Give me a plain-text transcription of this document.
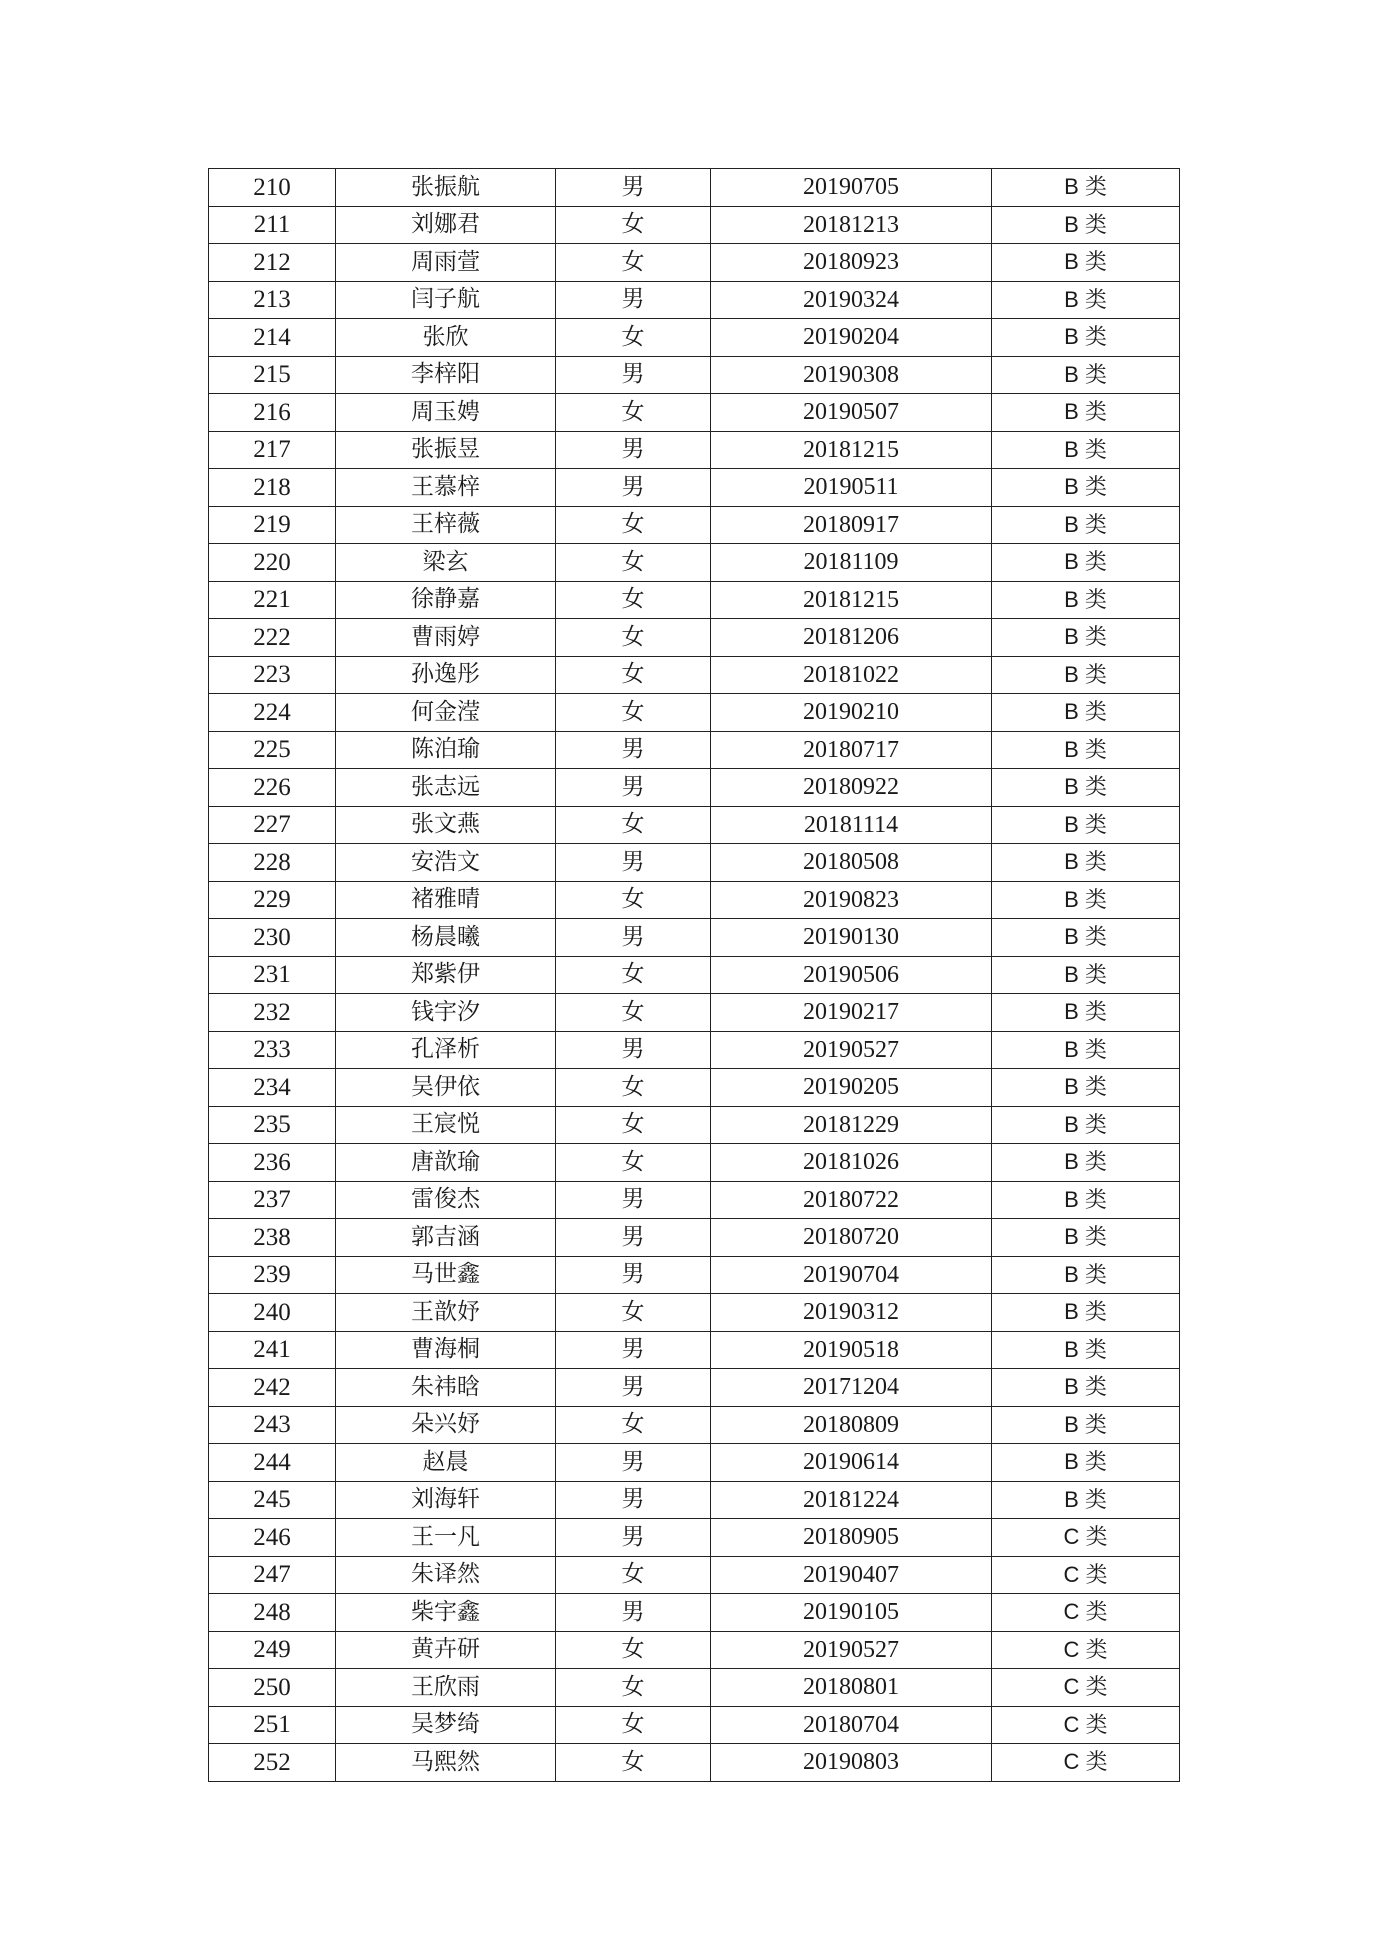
210	张振航	男	20190705	B 类
211	刘娜君	女	20181213	B 类
212	周雨萱	女	20180923	B 类
213	闫子航	男	20190324	B 类
214	张欣	女	20190204	B 类
215	李梓阳	男	20190308	B 类
216	周玉娉	女	20190507	B 类
217	张振昱	男	20181215	B 类
218	王慕梓	男	20190511	B 类
219	王梓薇	女	20180917	B 类
220	梁玄	女	20181109	B 类
221	徐静嘉	女	20181215	B 类
222	曹雨婷	女	20181206	B 类
223	孙逸彤	女	20181022	B 类
224	何金滢	女	20190210	B 类
225	陈泊瑜	男	20180717	B 类
226	张志远	男	20180922	B 类
227	张文燕	女	20181114	B 类
228	安浩文	男	20180508	B 类
229	褚雅晴	女	20190823	B 类
230	杨晨曦	男	20190130	B 类
231	郑紫伊	女	20190506	B 类
232	钱宇汐	女	20190217	B 类
233	孔泽析	男	20190527	B 类
234	吴伊依	女	20190205	B 类
235	王宸悦	女	20181229	B 类
236	唐歆瑜	女	20181026	B 类
237	雷俊杰	男	20180722	B 类
238	郭吉涵	男	20180720	B 类
239	马世鑫	男	20190704	B 类
240	王歆妤	女	20190312	B 类
241	曹海桐	男	20190518	B 类
242	朱祎晗	男	20171204	B 类
243	朵兴妤	女	20180809	B 类
244	赵晨	男	20190614	B 类
245	刘海轩	男	20181224	B 类
246	王一凡	男	20180905	C 类
247	朱译然	女	20190407	C 类
248	柴宇鑫	男	20190105	C 类
249	黄卉研	女	20190527	C 类
250	王欣雨	女	20180801	C 类
251	吴梦绮	女	20180704	C 类
252	马熙然	女	20190803	C 类
